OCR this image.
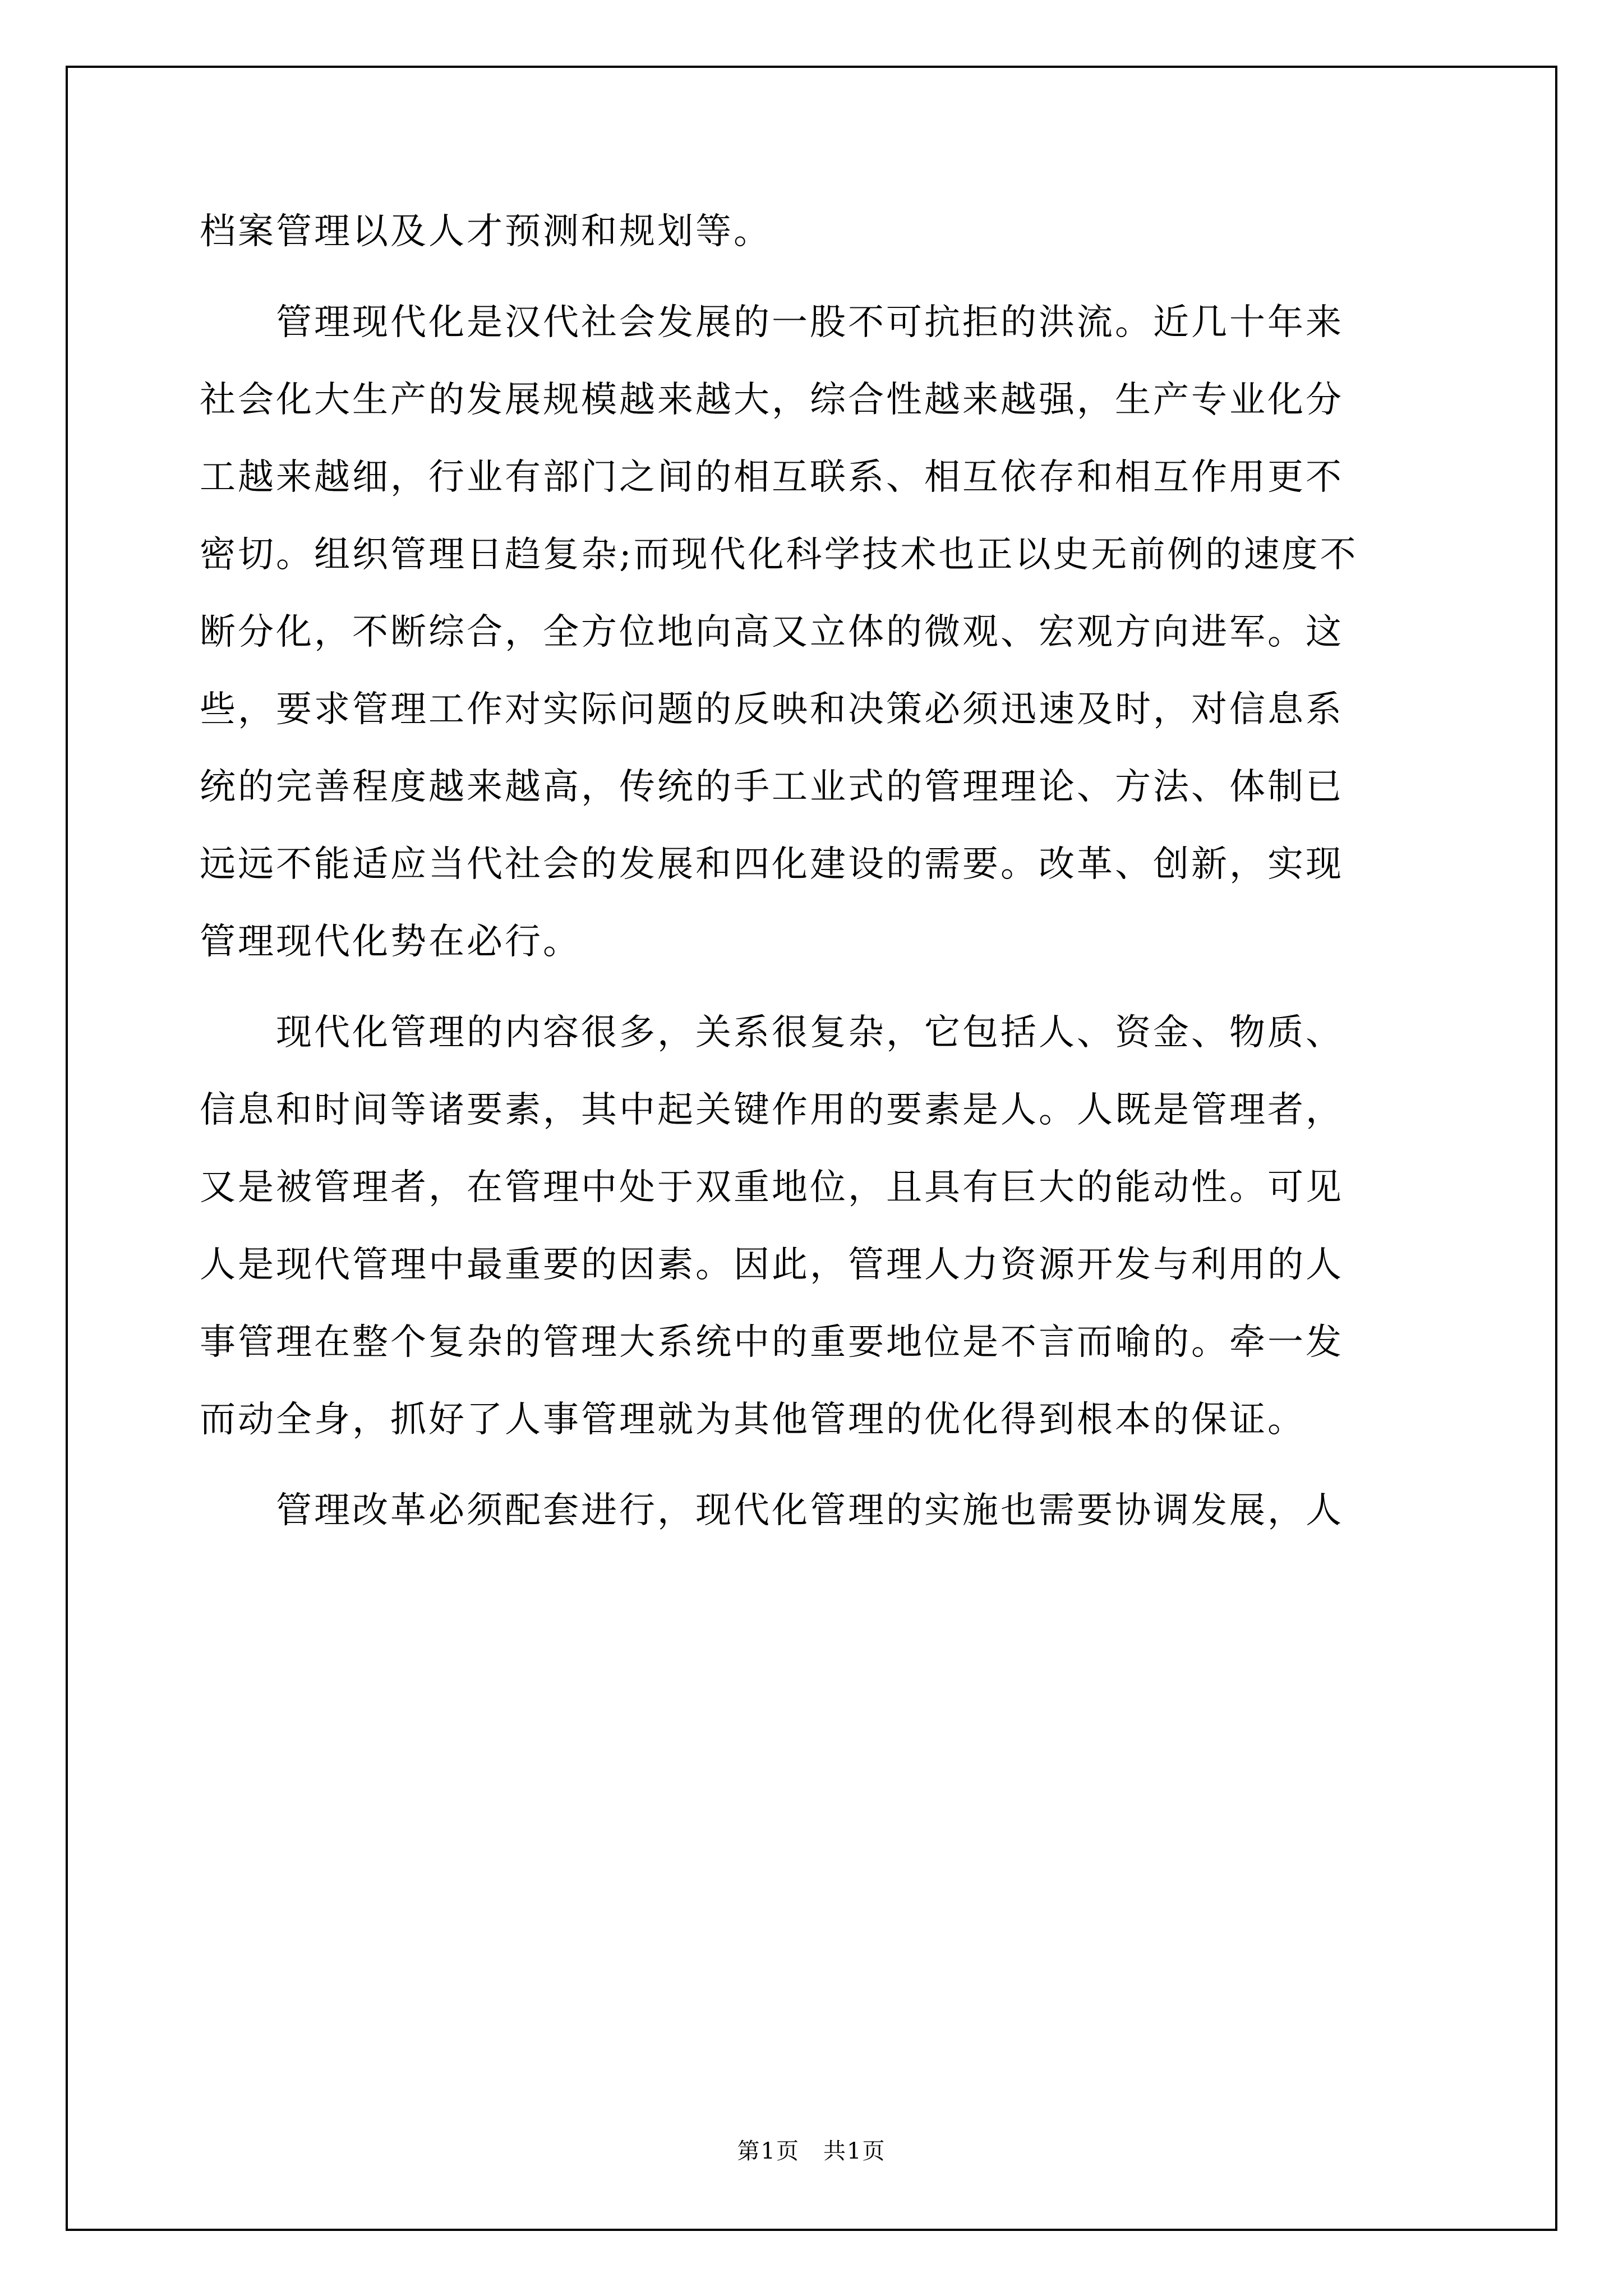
档案管理以及人才预测和规划等。
　　管理现代化是汉代社会发展的一股不可抗拒的洪流。近几十年来
社会化大生产的发展规模越来越大，综合性越来越强，生产专业化分
工越来越细，行业有部门之间的相互联系、相互依存和相互作用更不
密切。组织管理日趋复杂;而现代化科学技术也正以史无前例的速度不
断分化，不断综合，全方位地向高又立体的微观、宏观方向进军。这
些，要求管理工作对实际问题的反映和决策必须迅速及时，对信息系
统的完善程度越来越高，传统的手工业式的管理理论、方法、体制已
远远不能适应当代社会的发展和四化建设的需要。改革、创新，实现
管理现代化势在必行。
　　现代化管理的内容很多，关系很复杂，它包括人、资金、物质、
信息和时间等诸要素，其中起关键作用的要素是人。人既是管理者，
又是被管理者，在管理中处于双重地位，且具有巨大的能动性。可见
人是现代管理中最重要的因素。因此，管理人力资源开发与利用的人
事管理在整个复杂的管理大系统中的重要地位是不言而喻的。牵一发
而动全身，抓好了人事管理就为其他管理的优化得到根本的保证。
　　管理改革必须配套进行，现代化管理的实施也需要协调发展，人
第1页　共1页
